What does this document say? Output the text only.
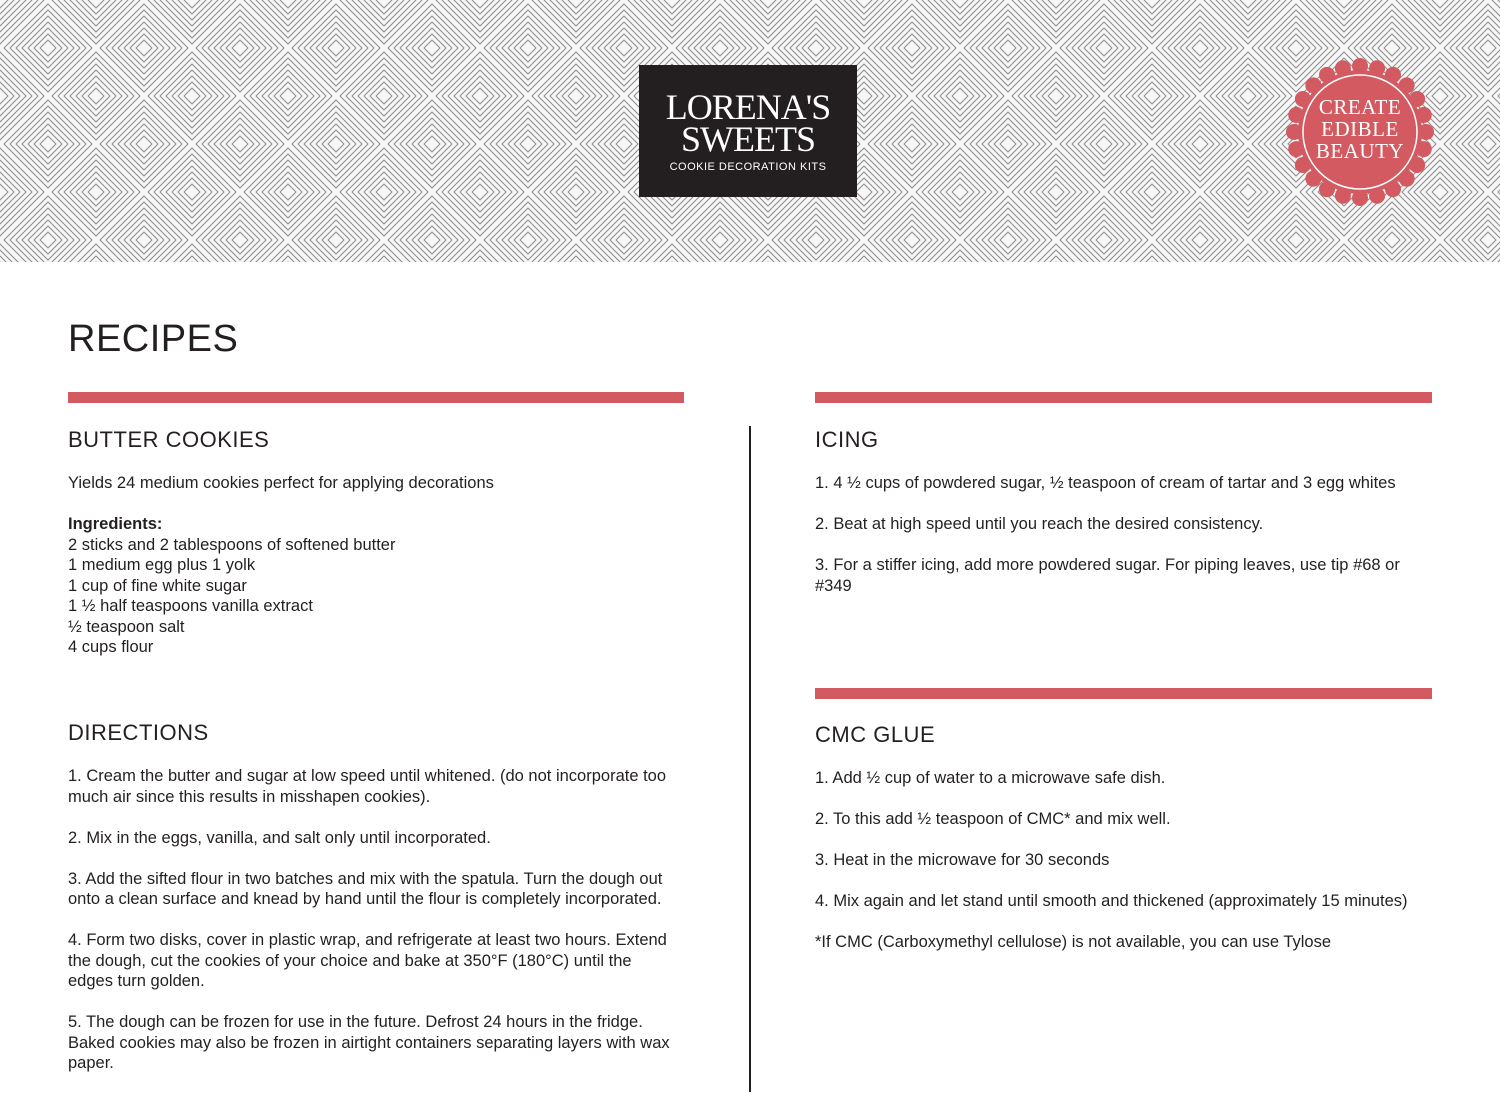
LORENA'S
SWEETS
COOKIE DECORATION KITS
CREATE
EDIBLE
BEAUTY
RECIPES
BUTTER COOKIES

Yields 24 medium cookies perfect for applying decorations

Ingredients:
2 sticks and 2 tablespoons of softened butter
1 medium egg plus 1 yolk
1 cup of fine white sugar
1 ½ half teaspoons vanilla extract
½ teaspoon salt
4 cups flour
DIRECTIONS

1. Cream the butter and sugar at low speed until whitened. (do not incorporate too much air since this results in misshapen cookies).

2. Mix in the eggs, vanilla, and salt only until incorporated.

3. Add the sifted flour in two batches and mix with the spatula. Turn the dough out onto a clean surface and knead by hand until the flour is completely incorporated.

4. Form two disks, cover in plastic wrap, and refrigerate at least two hours. Extend the dough, cut the cookies of your choice and bake at 350°F (180°C) until the edges turn golden.

5. The dough can be frozen for use in the future. Defrost 24 hours in the fridge. Baked cookies may also be frozen in airtight containers separating layers with wax paper.

ICING

1. 4 ½ cups of powdered sugar, ½ teaspoon of cream of tartar and 3 egg whites

2. Beat at high speed until you reach the desired consistency.

3. For a stiffer icing, add more powdered sugar. For piping leaves, use tip #68 or #349

CMC GLUE

1. Add ½ cup of water to a microwave safe dish.

2. To this add ½ teaspoon of CMC* and mix well.

3. Heat in the microwave for 30 seconds

4. Mix again and let stand until smooth and thickened (approximately 15 minutes)

*If CMC (Carboxymethyl cellulose) is not available, you can use Tylose
